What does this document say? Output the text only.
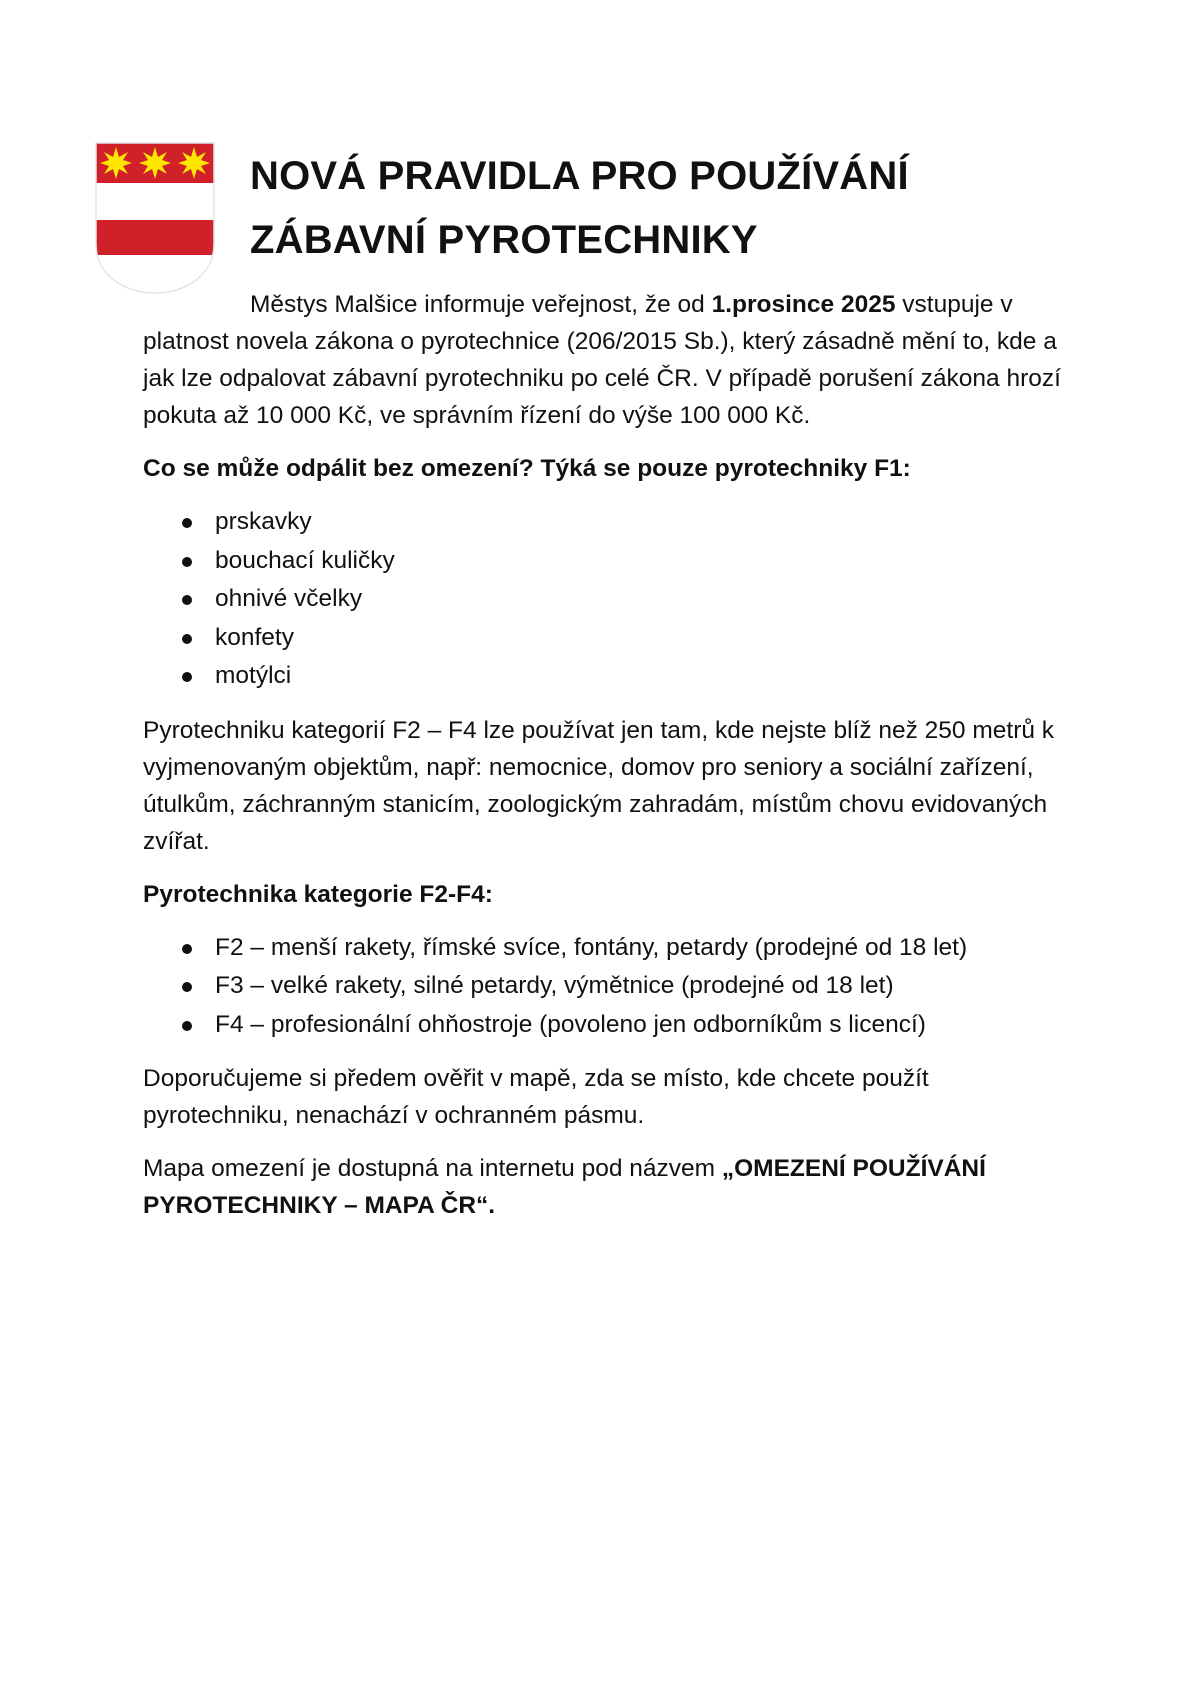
NOVÁ PRAVIDLA PRO POUŽÍVÁNÍ
ZÁBAVNÍ PYROTECHNIKY

Městys Malšice informuje veřejnost, že od 1.prosince 2025 vstupuje v platnost novela zákona o pyrotechnice (206/2015 Sb.), který zásadně mění to, kde a jak lze odpalovat zábavní pyrotechniku po celé ČR. V případě porušení zákona hrozí pokuta až 10 000 Kč, ve správním řízení do výše 100 000 Kč.

Co se může odpálit bez omezení? Týká se pouze pyrotechniky F1:

prskavky
bouchací kuličky
ohnivé včelky
konfety
motýlci

Pyrotechniku kategorií F2 – F4 lze používat jen tam, kde nejste blíž než 250 metrů k vyjmenovaným objektům, např: nemocnice, domov pro seniory a sociální zařízení, útulkům, záchranným stanicím, zoologickým zahradám, místům chovu evidovaných zvířat.

Pyrotechnika kategorie F2-F4:

F2 – menší rakety, římské svíce, fontány, petardy (prodejné od 18 let)
F3 – velké rakety, silné petardy, výmětnice (prodejné od 18 let)
F4 – profesionální ohňostroje (povoleno jen odborníkům s licencí)

Doporučujeme si předem ověřit v mapě, zda se místo, kde chcete použít pyrotechniku, nenachází v ochranném pásmu.

Mapa omezení je dostupná na internetu pod názvem „OMEZENÍ POUŽÍVÁNÍ PYROTECHNIKY – MAPA ČR“.
